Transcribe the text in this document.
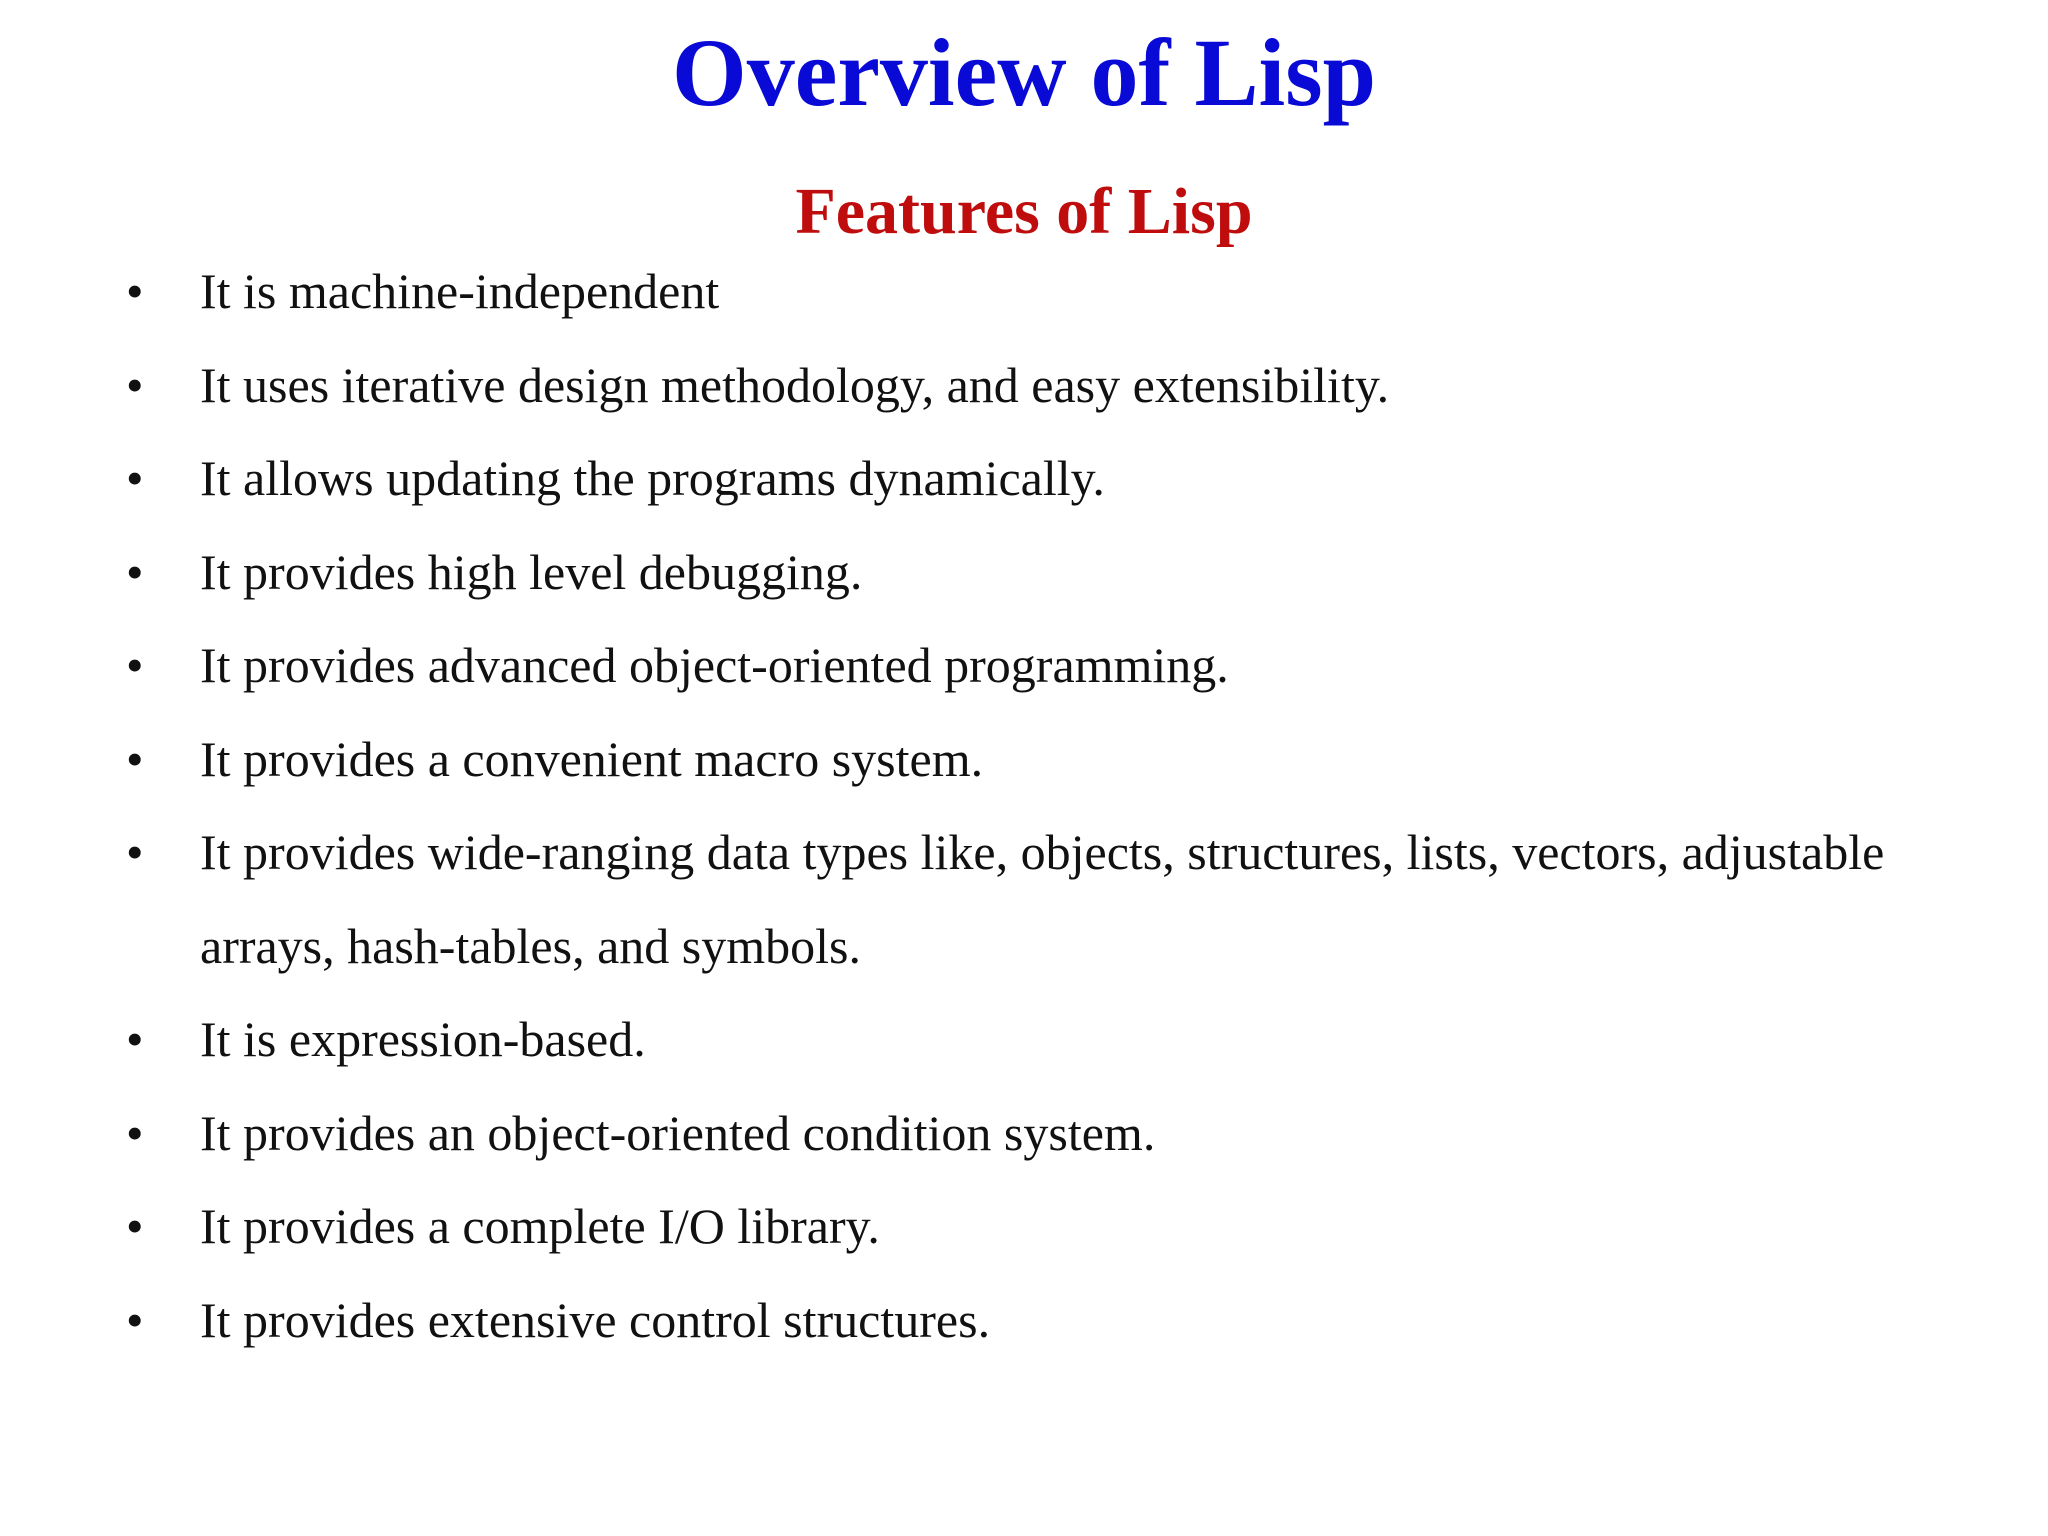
Overview of Lisp
Features of Lisp
• It is machine-independent
• It uses iterative design methodology, and easy extensibility.
• It allows updating the programs dynamically.
• It provides high level debugging.
• It provides advanced object-oriented programming.
• It provides a convenient macro system.
• It provides wide-ranging data types like, objects, structures, lists, vectors, adjustable arrays, hash-tables, and symbols.
• It is expression-based.
• It provides an object-oriented condition system.
• It provides a complete I/O library.
• It provides extensive control structures.
